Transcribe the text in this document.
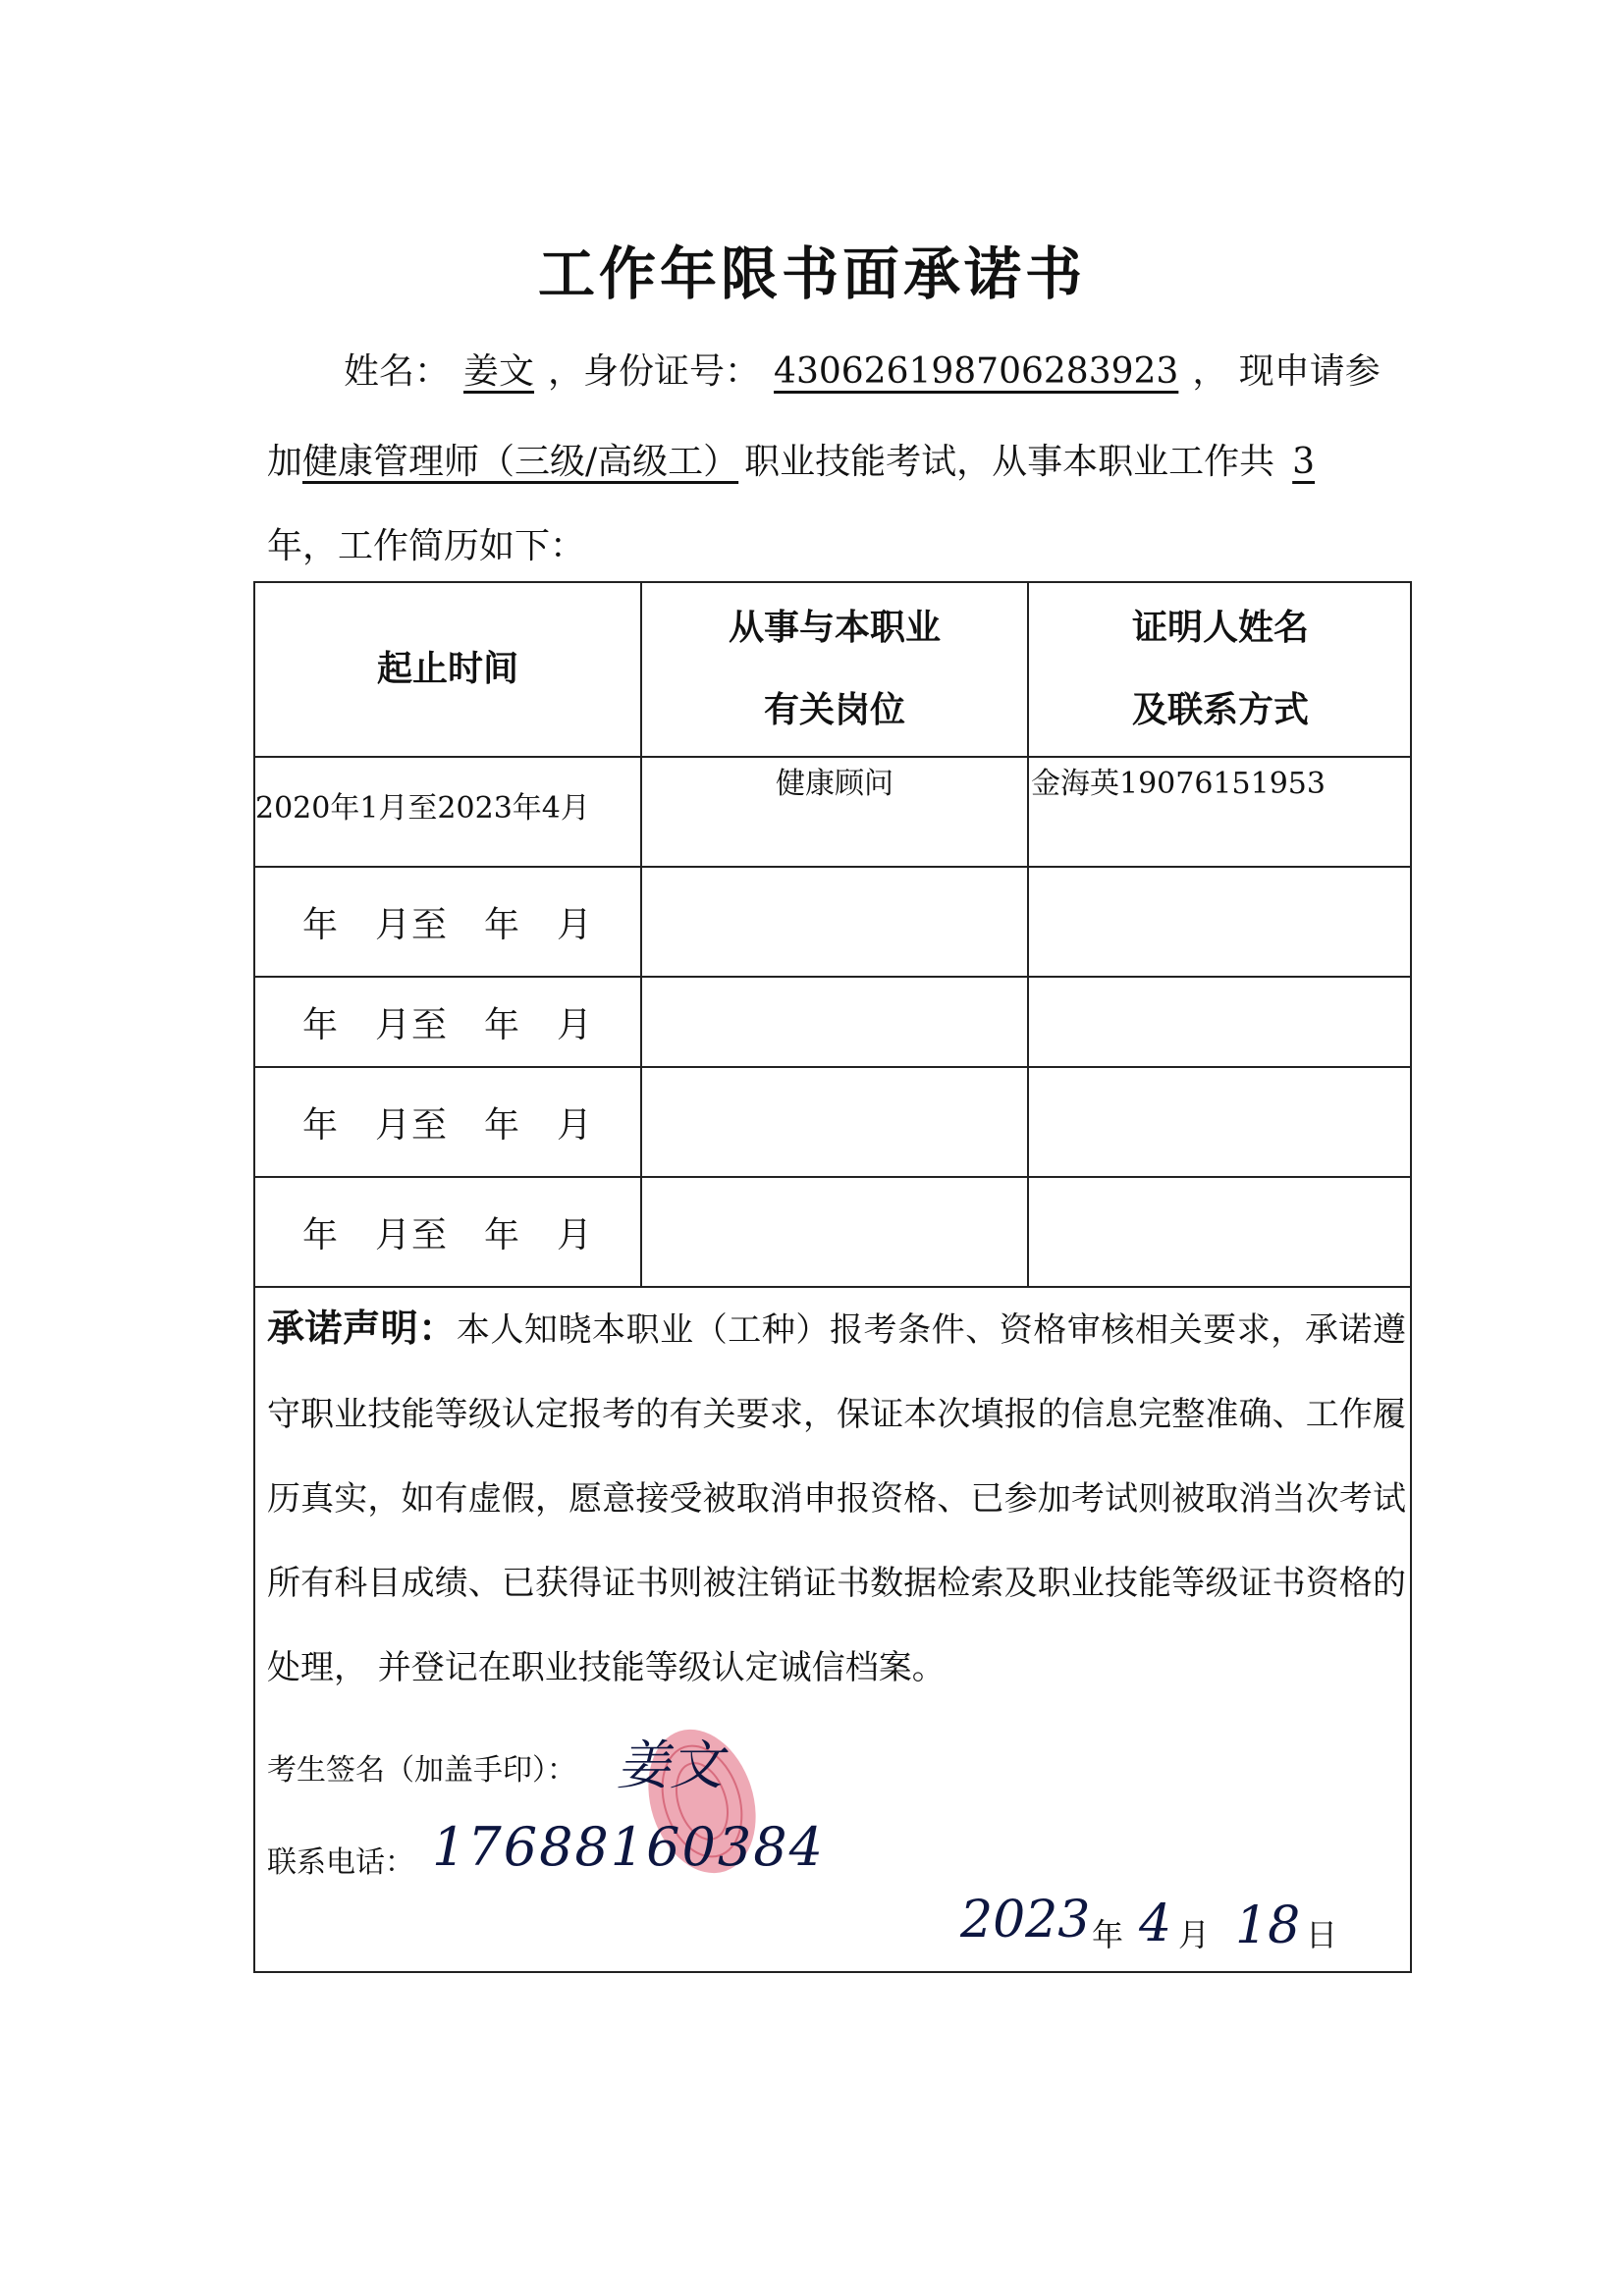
工作年限书面承诺书
姓名： 姜文 ，身份证号： 430626198706283923 ， 现申请参
加健康管理师（三级/高级工） 职业技能考试，从事本职业工作共 3
年，工作简历如下：
起止时间
从事与本职业
有关岗位
证明人姓名
及联系方式
2020年1月至2023年4月
健康顾问	金海英19076151953
年　月至　年　月
年　月至　年　月
年　月至　年　月
年　月至　年　月
承诺声明：本人知晓本职业（工种）报考条件、资格审核相关要求，承诺遵守职业技能等级认定报考的有关要求，保证本次填报的信息完整准确、工作履历真实，如有虚假，愿意接受被取消申报资格、已参加考试则被取消当次考试所有科目成绩、已获得证书则被注销证书数据检索及职业技能等级证书资格的处理， 并登记在职业技能等级认定诚信档案。
考生签名（加盖手印）： 姜文
联系电话： 17688160384
2023 年 4 月 18 日
